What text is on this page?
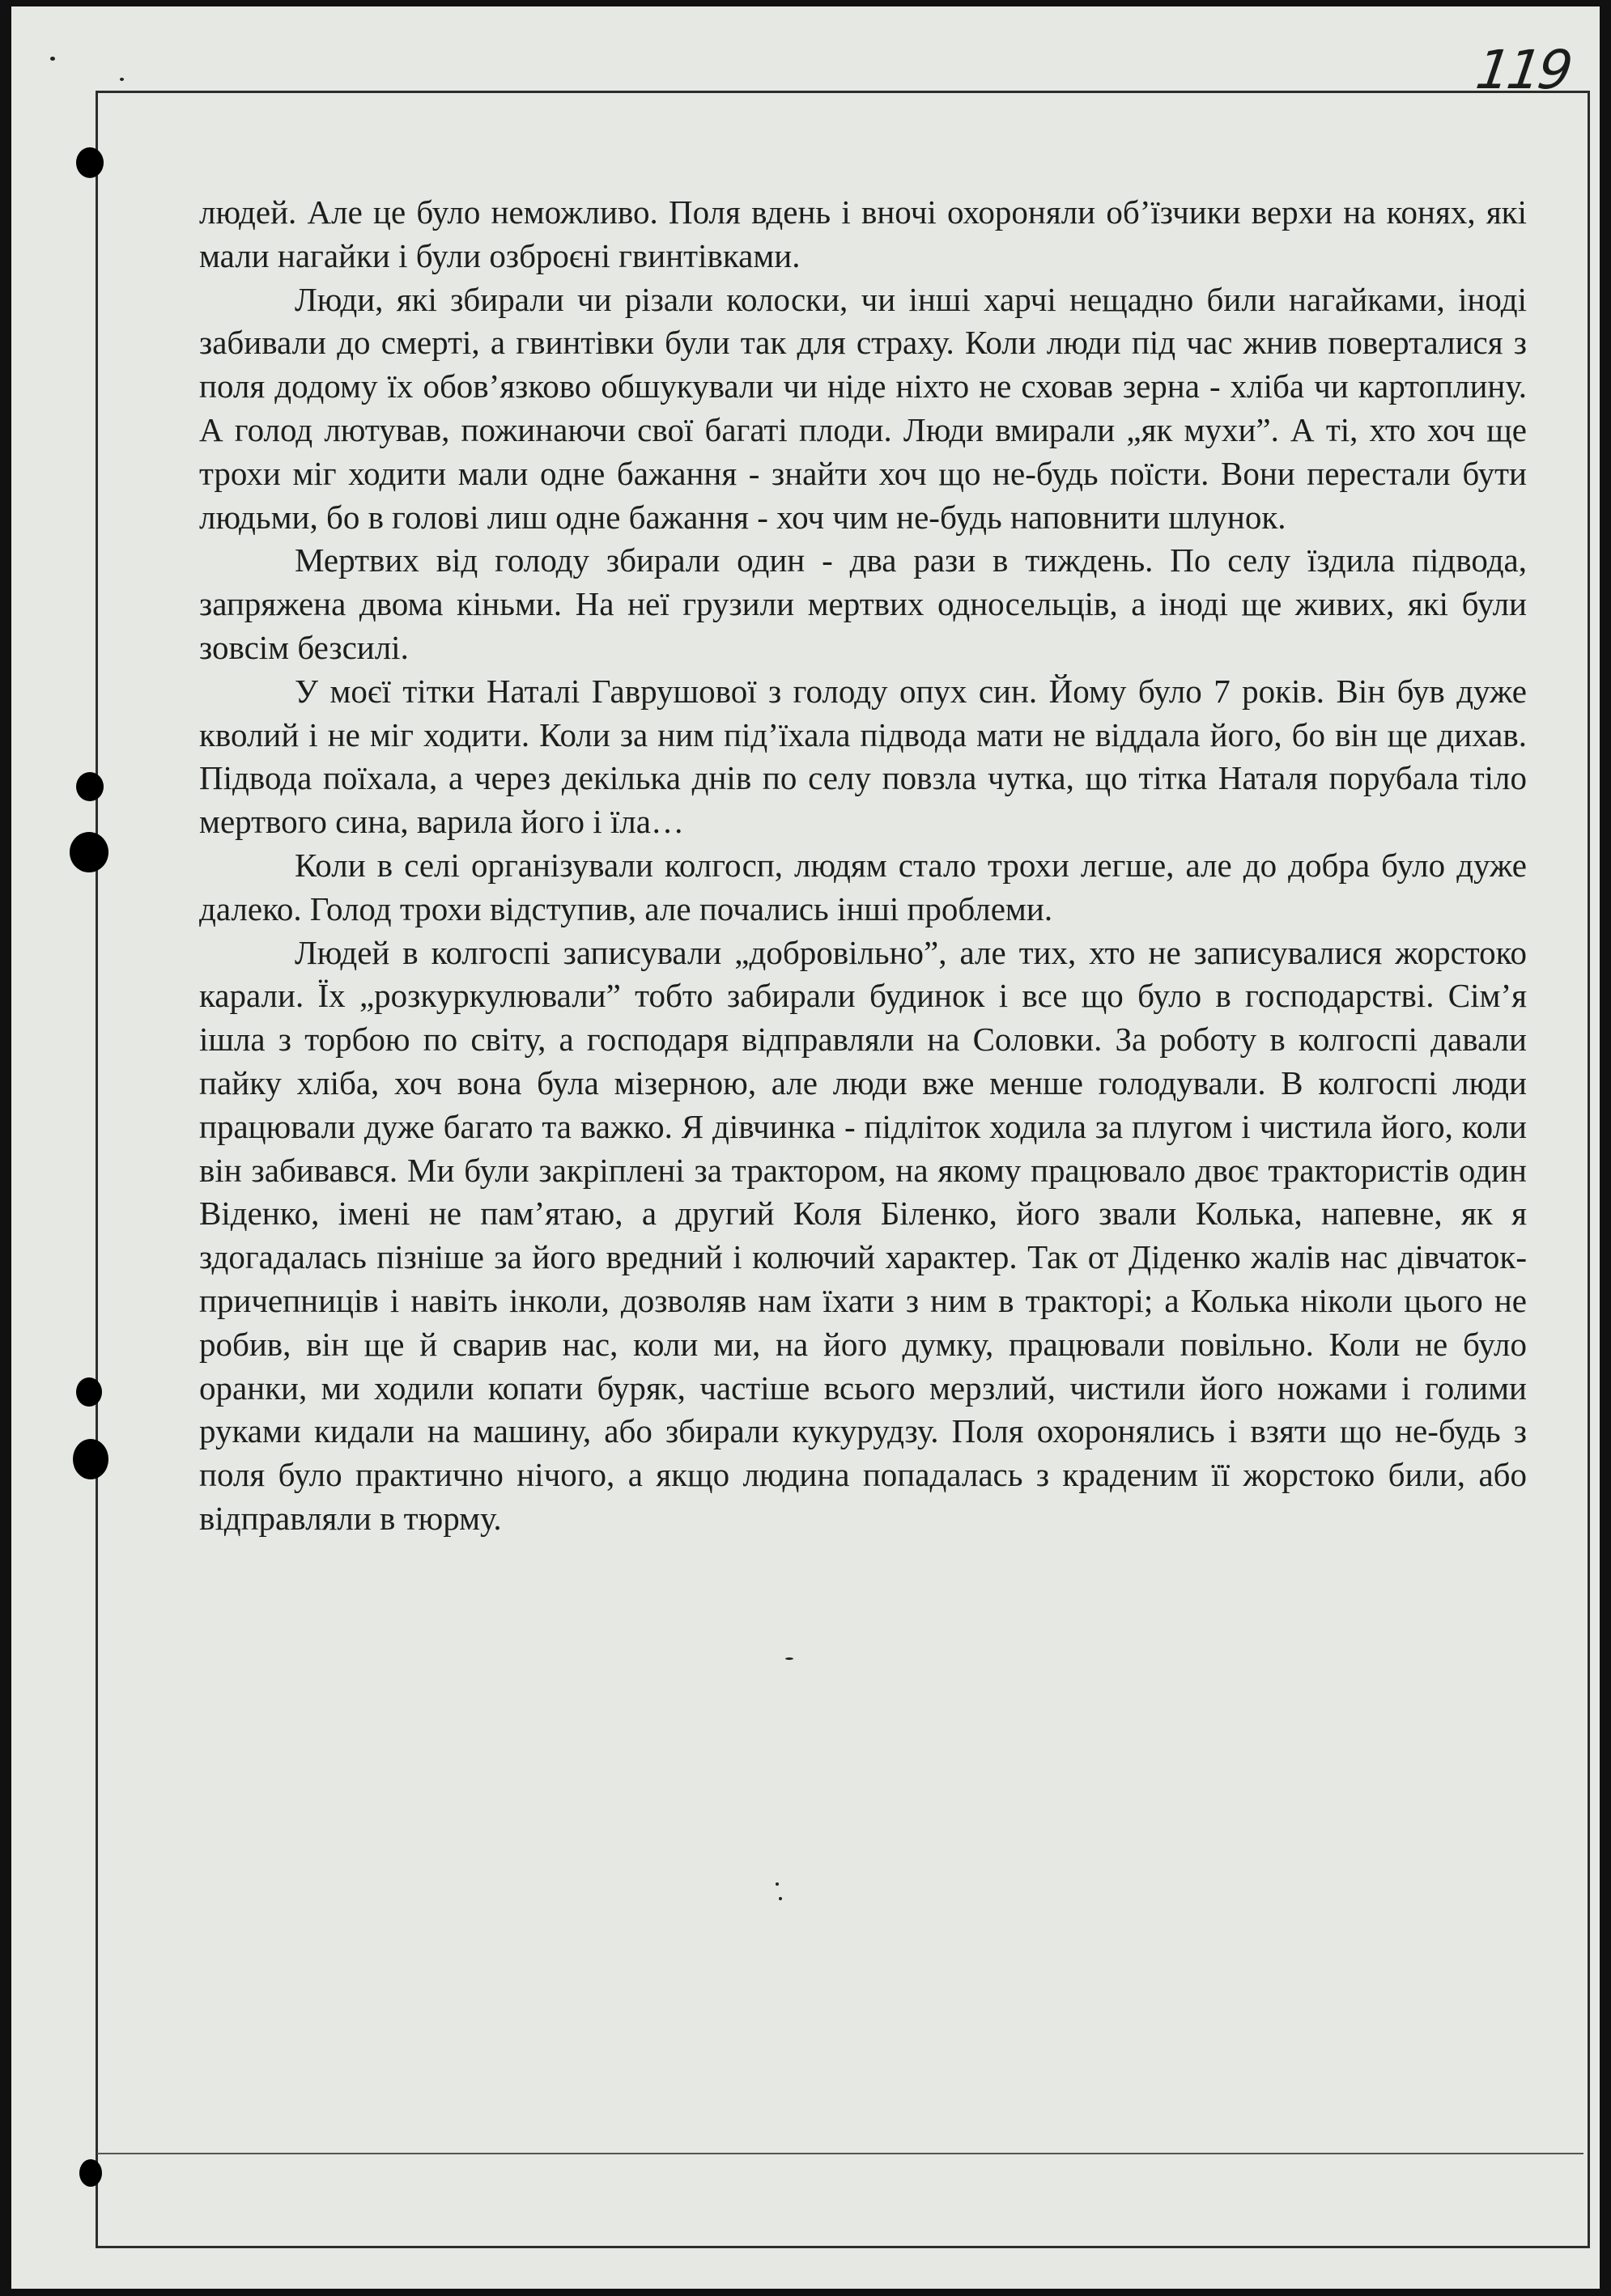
119

людей. Але це було неможливо. Поля вдень і вночі охороняли об’їзчики верхи на конях, які мали нагайки і були озброєні гвинтівками.

Люди, які збирали чи різали колоски, чи інші харчі нещадно били нагайками, іноді забивали до смерті, а гвинтівки були так для страху. Коли люди під час жнив поверталися з поля додому їх обов’язково обшукували чи ніде ніхто не сховав зерна - хліба чи картоплину. А голод лютував, пожинаючи свої багаті плоди. Люди вмирали „як мухи”. А ті, хто хоч ще трохи міг ходити мали одне бажання - знайти хоч що не-будь поїсти. Вони перестали бути людьми, бо в голові лиш одне бажання - хоч чим не-будь наповнити шлунок.

Мертвих від голоду збирали один - два рази в тиждень. По селу їздила підвода, запряжена двома кіньми. На неї грузили мертвих односельців, а іноді ще живих, які були зовсім безсилі.

У моєї тітки Наталі Гаврушової з голоду опух син. Йому було 7 років. Він був дуже кволий і не міг ходити. Коли за ним під’їхала підвода мати не віддала його, бо він ще дихав. Підвода поїхала, а через декілька днів по селу повзла чутка, що тітка Наталя порубала тіло мертвого сина, варила його і їла…

Коли в селі організували колгосп, людям стало трохи легше, але до добра було дуже далеко. Голод трохи відступив, але почались інші проблеми.

Людей в колгоспі записували „добровільно”, але тих, хто не записувалися жорстоко карали. Їх „розкуркулювали” тобто забирали будинок і все що було в господарстві. Сім’я ішла з торбою по світу, а господаря відправляли на Соловки. За роботу в колгоспі давали пайку хліба, хоч вона була мізерною, але люди вже менше голодували. В колгоспі люди працювали дуже багато та важко. Я дівчинка - підліток ходила за плугом і чистила його, коли він забивався. Ми були закріплені за трактором, на якому працювало двоє трактористів один Віденко, імені не пам’ятаю, а другий Коля Біленко, його звали Колька, напевне, як я здогадалась пізніше за його вредний і колючий характер. Так от Діденко жалів нас дівчаток-причепниців і навіть інколи, дозволяв нам їхати з ним в тракторі; а Колька ніколи цього не робив, він ще й сварив нас, коли ми, на його думку, працювали повільно. Коли не було оранки, ми ходили копати буряк, частіше всього мерзлий, чистили його ножами і голими руками кидали на машину, або збирали кукурудзу. Поля охоронялись і взяти що не-будь з поля було практично нічого, а якщо людина попадалась з краденим її жорстоко били, або відправляли в тюрму.
